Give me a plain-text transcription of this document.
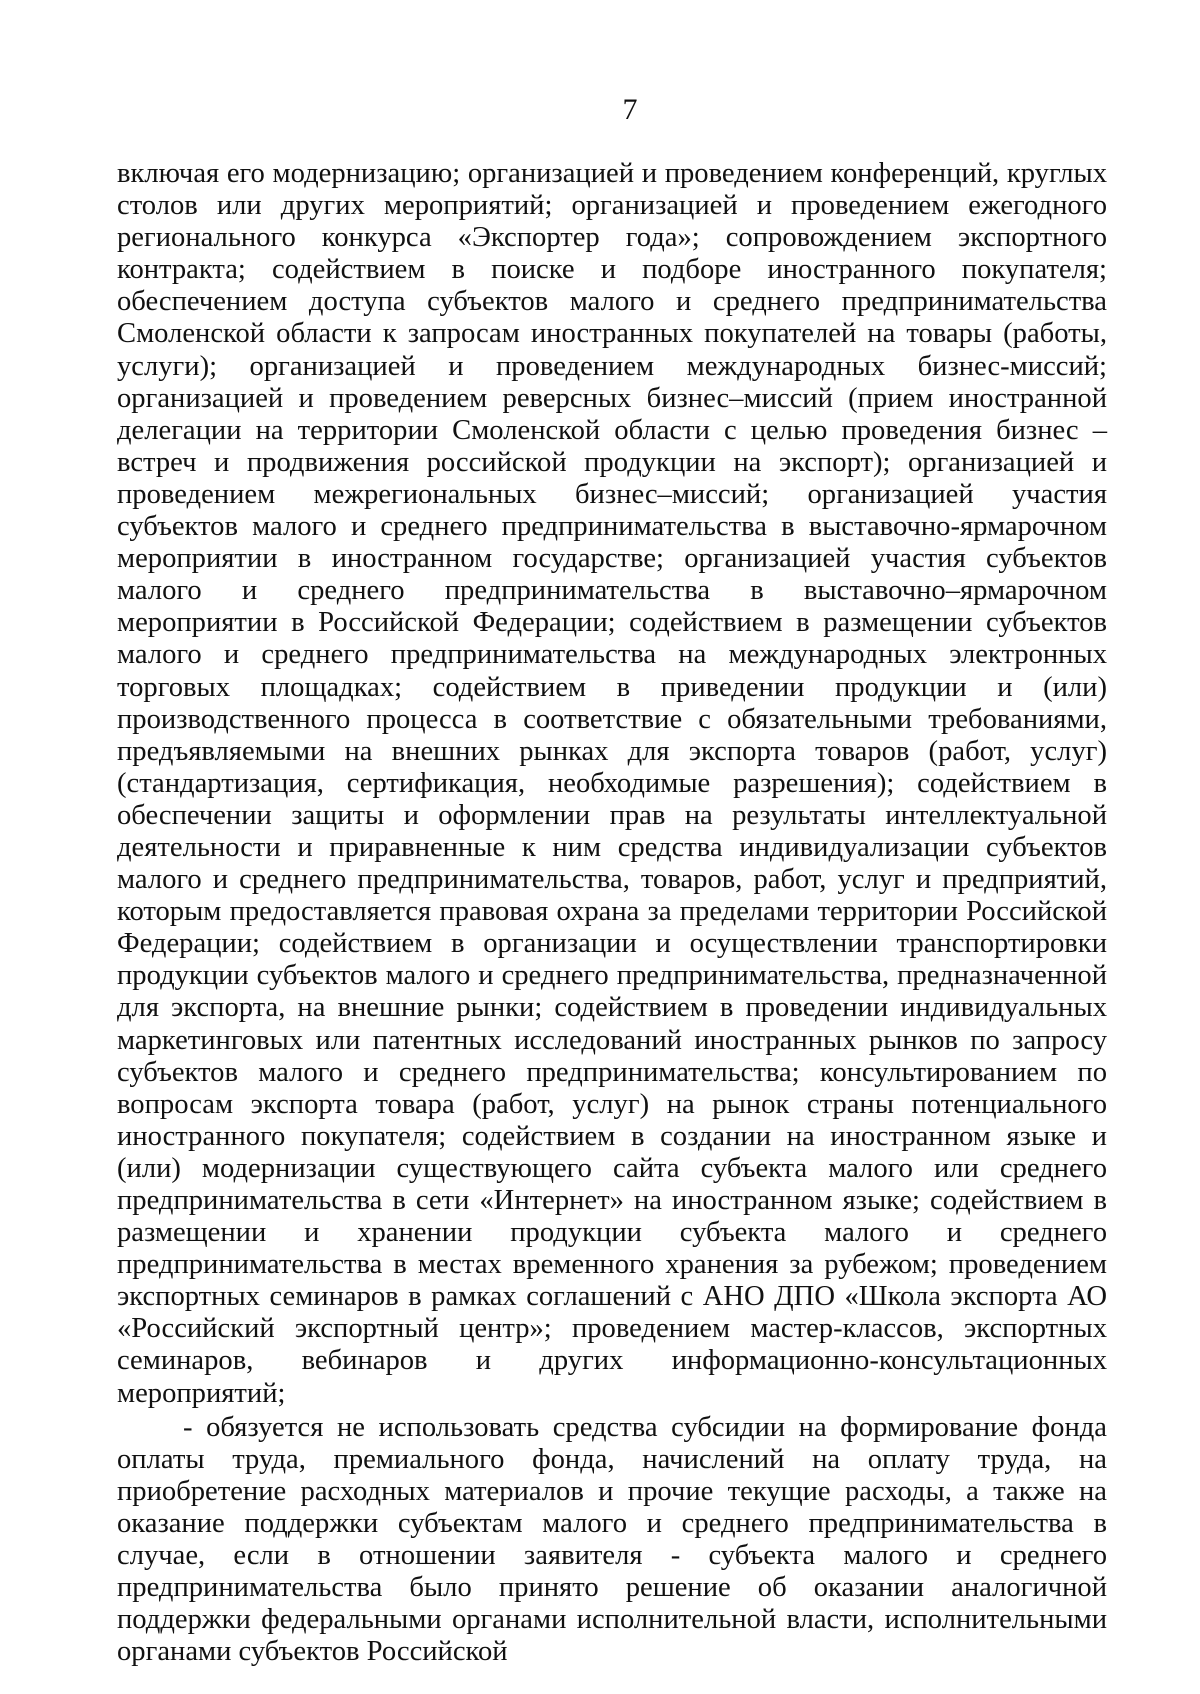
7

включая его модернизацию; организацией и проведением конференций, круглых столов или других мероприятий; организацией и проведением ежегодного регионального конкурса «Экспортер года»; сопровождением экспортного контракта; содействием в поиске и подборе иностранного покупателя; обеспечением доступа субъектов малого и среднего предпринимательства Смоленской области к запросам иностранных покупателей на товары (работы, услуги); организацией и проведением международных бизнес-миссий; организацией и проведением реверсных бизнес–миссий (прием иностранной делегации на территории Смоленской области с целью проведения бизнес – встреч и продвижения российской продукции на экспорт); организацией и проведением межрегиональных бизнес–миссий; организацией участия субъектов малого и среднего предпринимательства в выставочно-ярмарочном мероприятии в иностранном государстве; организацией участия субъектов малого и среднего предпринимательства в выставочно–ярмарочном мероприятии в Российской Федерации; содействием в размещении субъектов малого и среднего предпринимательства на международных электронных торговых площадках; содействием в приведении продукции и (или) производственного процесса в соответствие с обязательными требованиями, предъявляемыми на внешних рынках для экспорта товаров (работ, услуг) (стандартизация, сертификация, необходимые разрешения); содействием в обеспечении защиты и оформлении прав на результаты интеллектуальной деятельности и приравненные к ним средства индивидуализации субъектов малого и среднего предпринимательства, товаров, работ, услуг и предприятий, которым предоставляется правовая охрана за пределами территории Российской Федерации; содействием в организации и осуществлении транспортировки продукции субъектов малого и среднего предпринимательства, предназначенной для экспорта, на внешние рынки; содействием в проведении индивидуальных маркетинговых или патентных исследований иностранных рынков по запросу субъектов малого и среднего предпринимательства; консультированием по вопросам экспорта товара (работ, услуг) на рынок страны потенциального иностранного покупателя; содействием в создании на иностранном языке и (или) модернизации существующего сайта субъекта малого или среднего предпринимательства в сети «Интернет» на иностранном языке; содействием в размещении и хранении продукции субъекта малого и среднего предпринимательства в местах временного хранения за рубежом; проведением экспортных семинаров в рамках соглашений с АНО ДПО «Школа экспорта АО «Российский экспортный центр»; проведением мастер-классов, экспортных семинаров, вебинаров и других информационно-консультационных мероприятий;

- обязуется не использовать средства субсидии на формирование фонда оплаты труда, премиального фонда, начислений на оплату труда, на приобретение расходных материалов и прочие текущие расходы, а также на оказание поддержки субъектам малого и среднего предпринимательства в случае, если в отношении заявителя - субъекта малого и среднего предпринимательства было принято решение об оказании аналогичной поддержки федеральными органами исполнительной власти, исполнительными органами субъектов Российской
